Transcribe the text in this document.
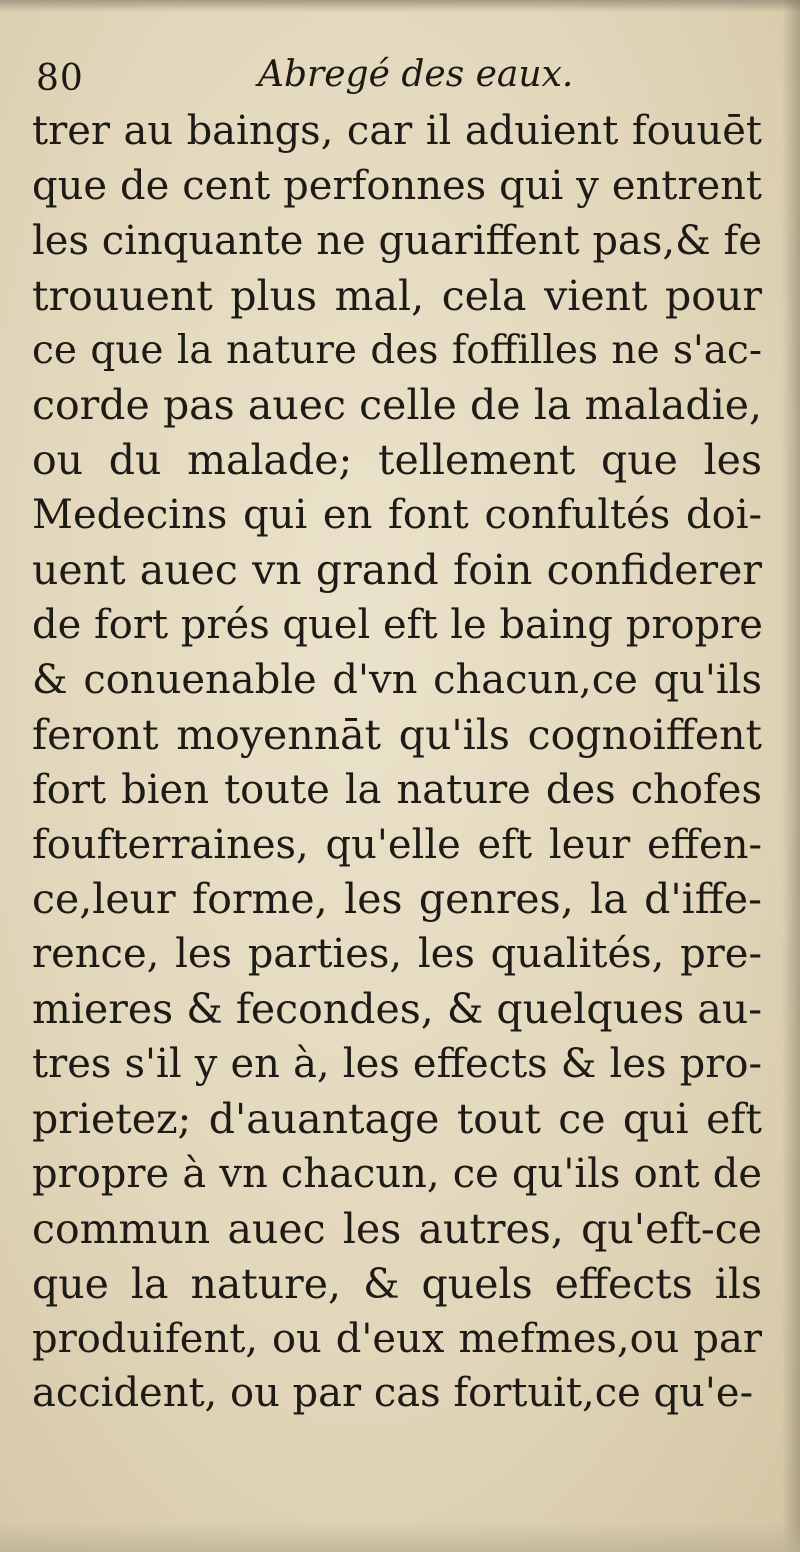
80	Abregé des eaux.
trer au baings, car il aduient fouuēt
que de cent perfonnes qui y entrent
les cinquante ne guariffent pas,& fe
trouuent plus mal, cela vient pour
ce que la nature des foffilles ne s'ac-
corde pas auec celle de la maladie,
ou du malade; tellement que les
Medecins qui en font confultés doi-
uent auec vn grand foin confiderer
de fort prés quel eft le baing propre
& conuenable d'vn chacun,ce qu'ils
feront moyennāt qu'ils cognoiffent
fort bien toute la nature des chofes
foufterraines, qu'elle eft leur effen-
ce,leur forme, les genres, la d'iffe-
rence, les parties, les qualités, pre-
mieres & fecondes, & quelques au-
tres s'il y en à, les effects & les pro-
prietez; d'auantage tout ce qui eft
propre à vn chacun, ce qu'ils ont de
commun auec les autres, qu'eft-ce
que la nature, & quels effects ils
produifent, ou d'eux mefmes,ou par
accident, ou par cas fortuit,ce qu'e-
